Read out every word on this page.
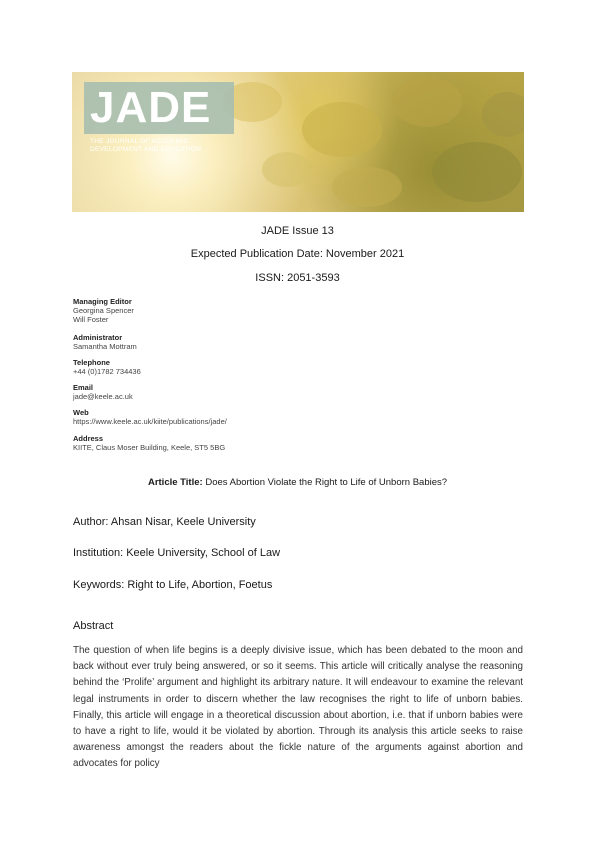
JADE
THE JOURNAL OF ACADEMIC
DEVELOPMENT AND EDUCATION
JADE Issue 13
Expected Publication Date: November 2021
ISSN: 2051-3593
Managing Editor
Georgina Spencer
Will Foster
Administrator
Samantha Mottram
Telephone
+44 (0)1782 734436
Email
jade@keele.ac.uk
Web
https://www.keele.ac.uk/kiite/publications/jade/
Address
KIITE, Claus Moser Building, Keele, ST5 5BG
Article Title: Does Abortion Violate the Right to Life of Unborn Babies?
Author: Ahsan Nisar, Keele University
Institution: Keele University, School of Law
Keywords: Right to Life, Abortion, Foetus
Abstract
The question of when life begins is a deeply divisive issue, which has been debated to the moon and back without ever truly being answered, or so it seems. This article will critically analyse the reasoning behind the ‘Prolife’ argument and highlight its arbitrary nature. It will endeavour to examine the relevant legal instruments in order to discern whether the law recognises the right to life of unborn babies. Finally, this article will engage in a theoretical discussion about abortion, i.e. that if unborn babies were to have a right to life, would it be violated by abortion. Through its analysis this article seeks to raise awareness amongst the readers about the fickle nature of the arguments against abortion and advocates for policy
